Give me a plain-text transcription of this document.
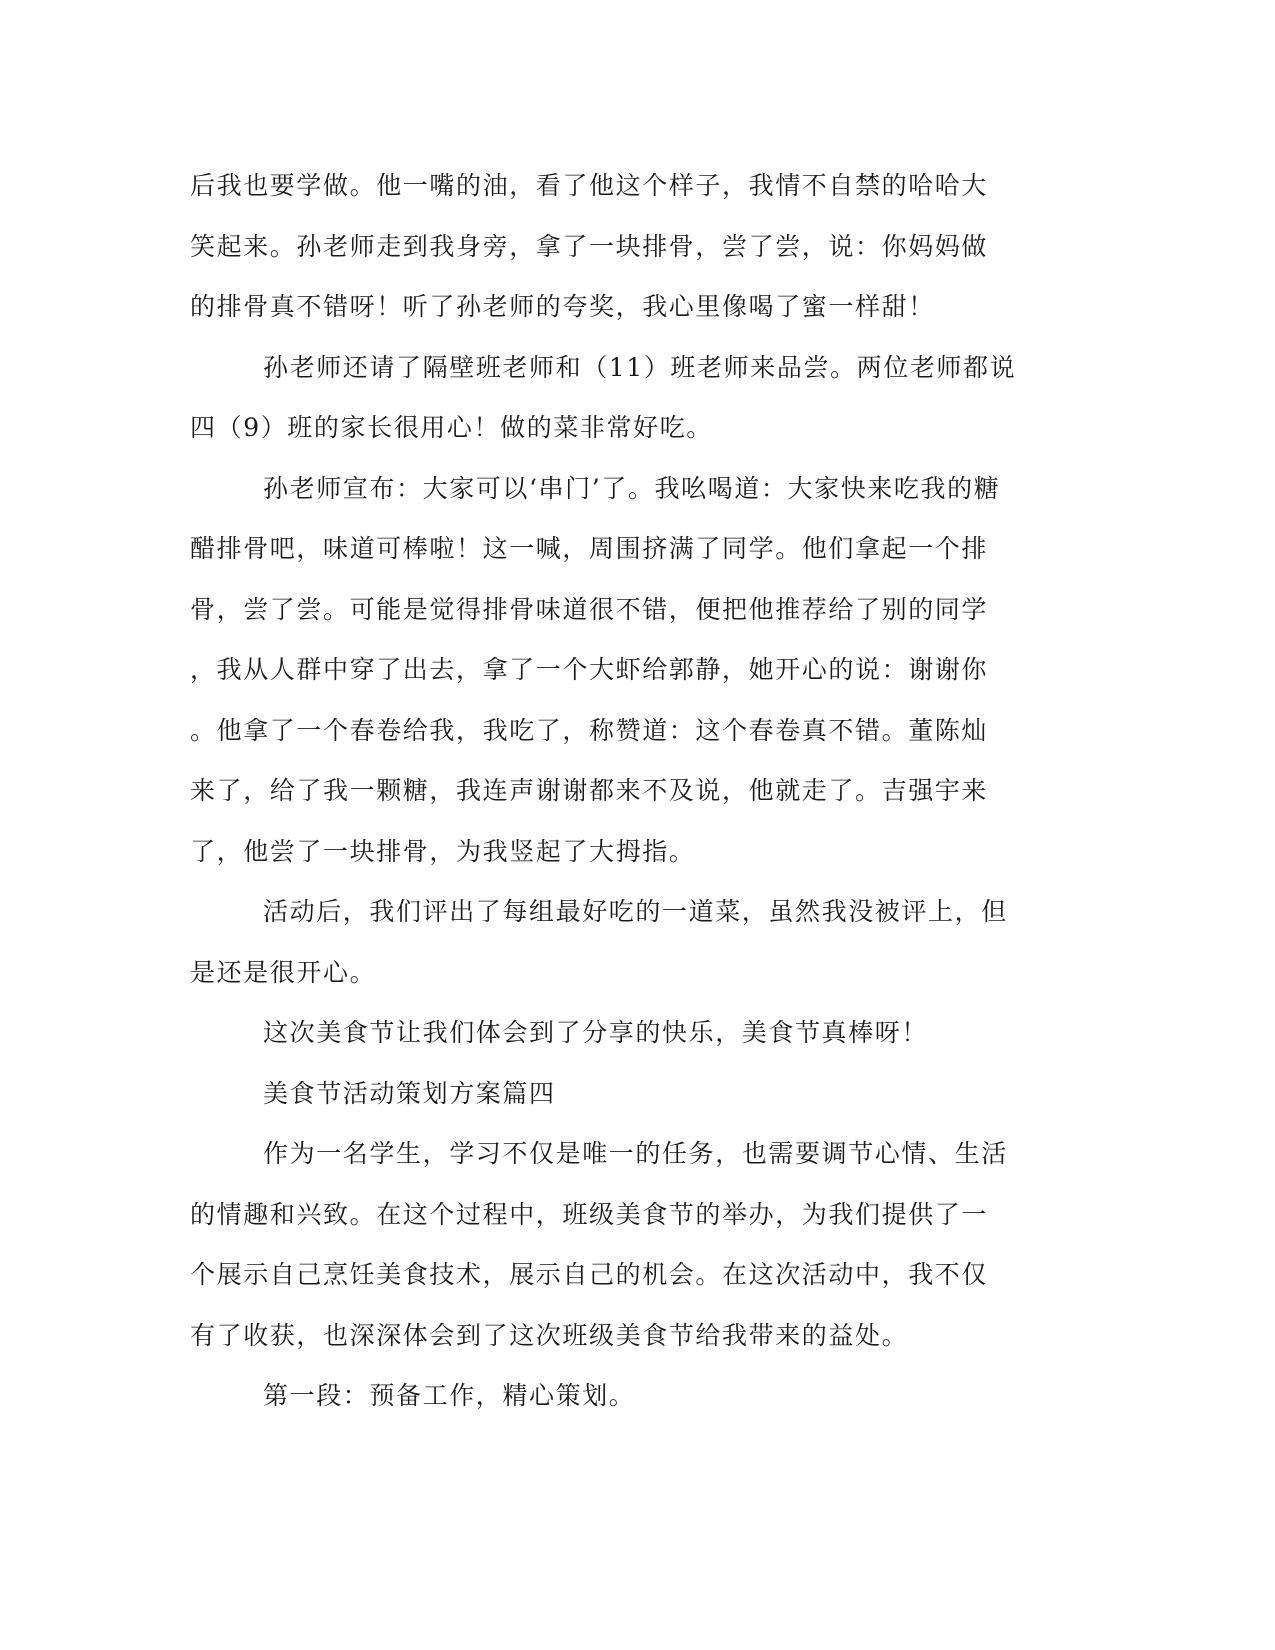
后我也要学做。他一嘴的油，看了他这个样子，我情不自禁的哈哈大
笑起来。孙老师走到我身旁，拿了一块排骨，尝了尝，说：你妈妈做
的排骨真不错呀！听了孙老师的夸奖，我心里像喝了蜜一样甜！
孙老师还请了隔壁班老师和（11）班老师来品尝。两位老师都说
四（9）班的家长很用心！做的菜非常好吃。
孙老师宣布：大家可以‘串门’了。我吆喝道：大家快来吃我的糖
醋排骨吧，味道可棒啦！这一喊，周围挤满了同学。他们拿起一个排
骨，尝了尝。可能是觉得排骨味道很不错，便把他推荐给了别的同学
，我从人群中穿了出去，拿了一个大虾给郭静，她开心的说：谢谢你
。他拿了一个春卷给我，我吃了，称赞道：这个春卷真不错。董陈灿
来了，给了我一颗糖，我连声谢谢都来不及说，他就走了。吉强宇来
了，他尝了一块排骨，为我竖起了大拇指。
活动后，我们评出了每组最好吃的一道菜，虽然我没被评上，但
是还是很开心。
这次美食节让我们体会到了分享的快乐，美食节真棒呀！
美食节活动策划方案篇四
作为一名学生，学习不仅是唯一的任务，也需要调节心情、生活
的情趣和兴致。在这个过程中，班级美食节的举办，为我们提供了一
个展示自己烹饪美食技术，展示自己的机会。在这次活动中，我不仅
有了收获，也深深体会到了这次班级美食节给我带来的益处。
第一段：预备工作，精心策划。
